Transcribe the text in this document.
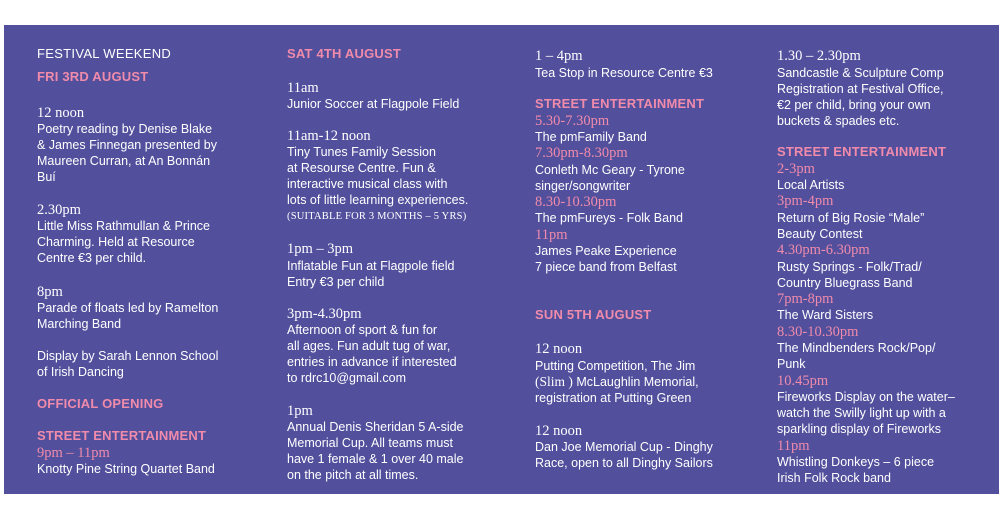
FESTIVAL WEEKEND
FRI 3RD AUGUST
12 noon
Poetry reading by Denise Blake
& James Finnegan presented by
Maureen Curran, at An Bonnán
Buí
2.30pm
Little Miss Rathmullan & Prince
Charming. Held at Resource
Centre €3 per child.
8pm
Parade of floats led by Ramelton
Marching Band
Display by Sarah Lennon School
of Irish Dancing
OFFICIAL OPENING
STREET ENTERTAINMENT
9pm – 11pm
Knotty Pine String Quartet Band
SAT 4TH AUGUST
11am
Junior Soccer at Flagpole Field
11am-12 noon
Tiny Tunes Family Session
at Resourse Centre. Fun &
interactive musical class with
lots of little learning experiences.
(SUITABLE FOR 3 MONTHS – 5 YRS)
1pm – 3pm
Inflatable Fun at Flagpole field
Entry €3 per child
3pm-4.30pm
Afternoon of sport & fun for
all ages. Fun adult tug of war,
entries in advance if interested
to rdrc10@gmail.com
1pm
Annual Denis Sheridan 5 A-side
Memorial Cup. All teams must
have 1 female & 1 over 40 male
on the pitch at all times.
1 – 4pm
Tea Stop in Resource Centre €3
STREET ENTERTAINMENT
5.30-7.30pm
The pmFamily Band
7.30pm-8.30pm
Conleth Mc Geary - Tyrone
singer/songwriter
8.30-10.30pm
The pmFureys - Folk Band
11pm
James Peake Experience
7 piece band from Belfast
SUN 5TH AUGUST
12 noon
Putting Competition, The Jim
(Slim ) McLaughlin Memorial,
registration at Putting Green
12 noon
Dan Joe Memorial Cup - Dinghy
Race, open to all Dinghy Sailors
1.30 – 2.30pm
Sandcastle & Sculpture Comp
Registration at Festival Office,
€2 per child, bring your own
buckets & spades etc.
STREET ENTERTAINMENT
2-3pm
Local Artists
3pm-4pm
Return of Big Rosie “Male”
Beauty Contest
4.30pm-6.30pm
Rusty Springs - Folk/Trad/
Country Bluegrass Band
7pm-8pm
The Ward Sisters
8.30-10.30pm
The Mindbenders Rock/Pop/
Punk
10.45pm
Fireworks Display on the water–
watch the Swilly light up with a
sparkling display of Fireworks
11pm
Whistling Donkeys – 6 piece
Irish Folk Rock band
